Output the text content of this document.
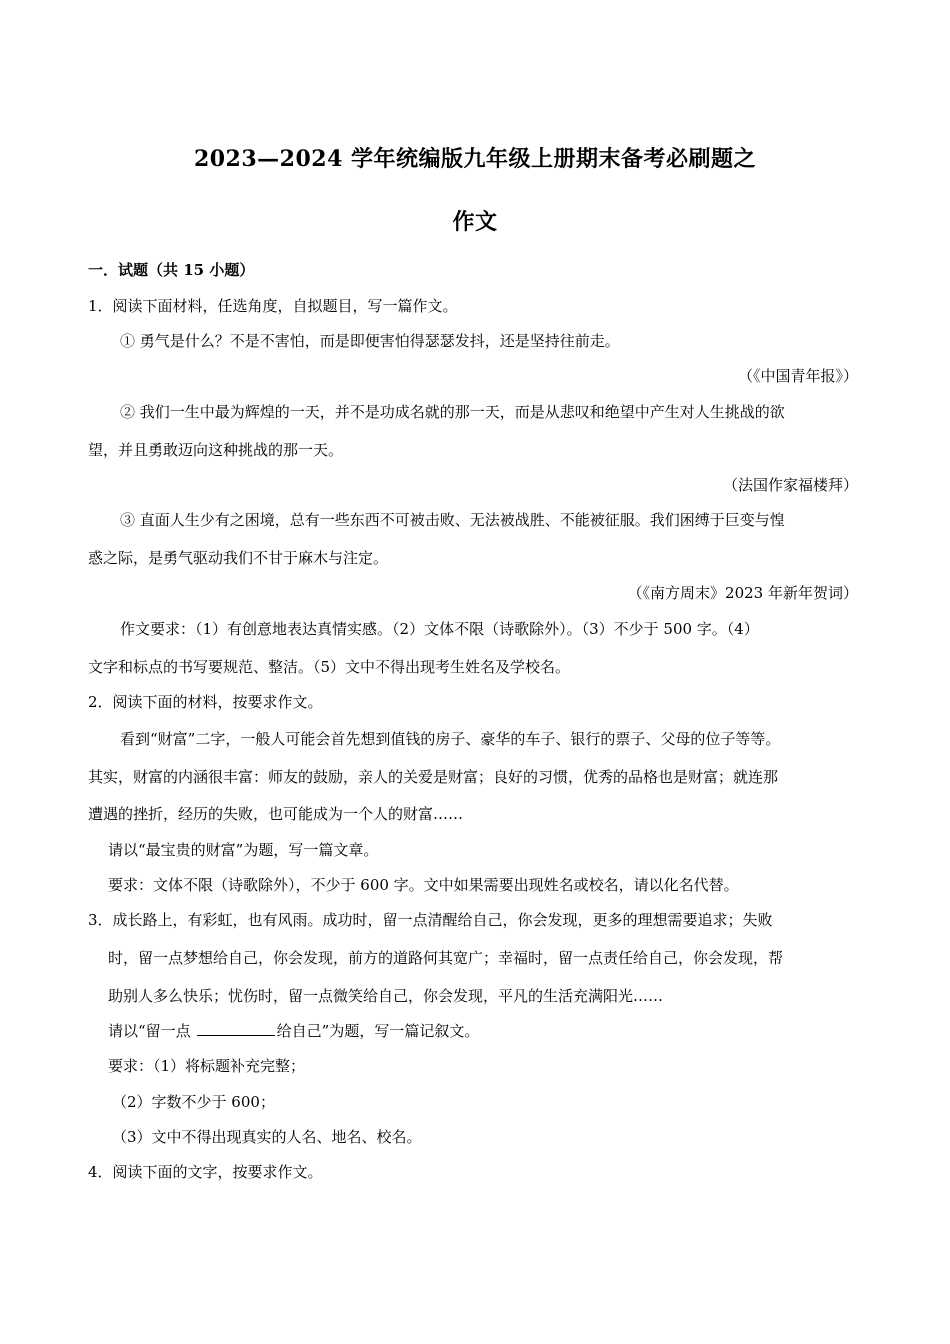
2023—2024 学年统编版九年级上册期末备考必刷题之
作文
一．试题（共 15 小题）
1．阅读下面材料，任选角度，自拟题目，写一篇作文。
① 勇气是什么？不是不害怕，而是即便害怕得瑟瑟发抖，还是坚持往前走。
（《中国青年报》）
② 我们一生中最为辉煌的一天，并不是功成名就的那一天，而是从悲叹和绝望中产生对人生挑战的欲
望，并且勇敢迈向这种挑战的那一天。
（法国作家福楼拜）
③ 直面人生少有之困境，总有一些东西不可被击败、无法被战胜、不能被征服。我们困缚于巨变与惶
惑之际，是勇气驱动我们不甘于麻木与注定。
（《南方周末》2023 年新年贺词）
作文要求：（1）有创意地表达真情实感。（2）文体不限（诗歌除外）。（3）不少于 500 字。（4）
文字和标点的书写要规范、整洁。（5）文中不得出现考生姓名及学校名。
2．阅读下面的材料，按要求作文。
看到“财富”二字，一般人可能会首先想到值钱的房子、豪华的车子、银行的票子、父母的位子等等。
其实，财富的内涵很丰富：师友的鼓励，亲人的关爱是财富；良好的习惯，优秀的品格也是财富；就连那
遭遇的挫折，经历的失败，也可能成为一个人的财富……
请以“最宝贵的财富”为题，写一篇文章。
要求：文体不限（诗歌除外），不少于 600 字。文中如果需要出现姓名或校名，请以化名代替。
3．成长路上，有彩虹，也有风雨。成功时，留一点清醒给自己，你会发现，更多的理想需要追求；失败
时，留一点梦想给自己，你会发现，前方的道路何其宽广；幸福时，留一点责任给自己，你会发现，帮
助别人多么快乐；忧伤时，留一点微笑给自己，你会发现，平凡的生活充满阳光……
请以“留一点	给自己”为题，写一篇记叙文。
要求：（1）将标题补充完整；
（2）字数不少于 600；
（3）文中不得出现真实的人名、地名、校名。
4．阅读下面的文字，按要求作文。
